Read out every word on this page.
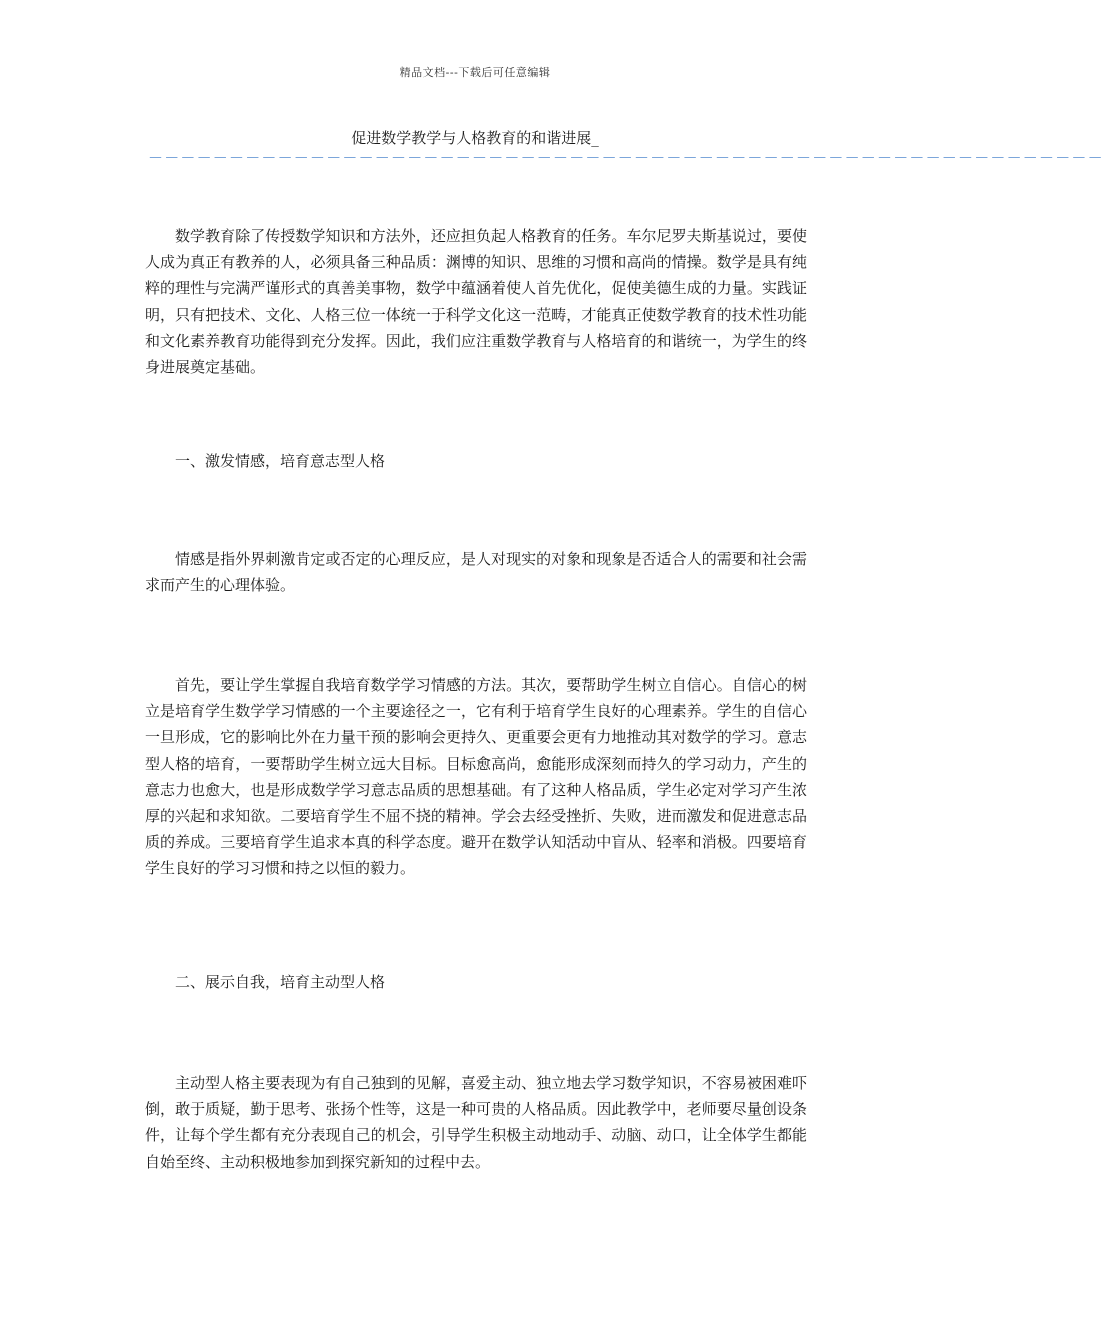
精品文档---下载后可任意编辑
促进数学教学与人格教育的和谐进展_
－－－－－－－－－－－－－－－－－－－－－－－－－－－－－－－－－－－－－－－－－－－－－－－－－－－－－－－－－－－

数学教育除了传授数学知识和方法外，还应担负起人格教育的任务。车尔尼罗夫斯基说过，要使人成为真正有教养的人，必须具备三种品质：渊博的知识、思维的习惯和高尚的情操。数学是具有纯粹的理性与完满严谨形式的真善美事物，数学中蕴涵着使人首先优化，促使美德生成的力量。实践证明，只有把技术、文化、人格三位一体统一于科学文化这一范畴，才能真正使数学教育的技术性功能和文化素养教育功能得到充分发挥。因此，我们应注重数学教育与人格培育的和谐统一，为学生的终身进展奠定基础。

一、激发情感，培育意志型人格

情感是指外界刺激肯定或否定的心理反应，是人对现实的对象和现象是否适合人的需要和社会需求而产生的心理体验。

首先，要让学生掌握自我培育数学学习情感的方法。其次，要帮助学生树立自信心。自信心的树立是培育学生数学学习情感的一个主要途径之一，它有利于培育学生良好的心理素养。学生的自信心一旦形成，它的影响比外在力量干预的影响会更持久、更重要会更有力地推动其对数学的学习。意志型人格的培育，一要帮助学生树立远大目标。目标愈高尚，愈能形成深刻而持久的学习动力，产生的意志力也愈大，也是形成数学学习意志品质的思想基础。有了这种人格品质，学生必定对学习产生浓厚的兴起和求知欲。二要培育学生不屈不挠的精神。学会去经受挫折、失败，进而激发和促进意志品质的养成。三要培育学生追求本真的科学态度。避开在数学认知活动中盲从、轻率和消极。四要培育学生良好的学习习惯和持之以恒的毅力。

二、展示自我，培育主动型人格

主动型人格主要表现为有自己独到的见解，喜爱主动、独立地去学习数学知识，不容易被困难吓倒，敢于质疑，勤于思考、张扬个性等，这是一种可贵的人格品质。因此教学中，老师要尽量创设条件，让每个学生都有充分表现自己的机会，引导学生积极主动地动手、动脑、动口，让全体学生都能自始至终、主动积极地参加到探究新知的过程中去。
